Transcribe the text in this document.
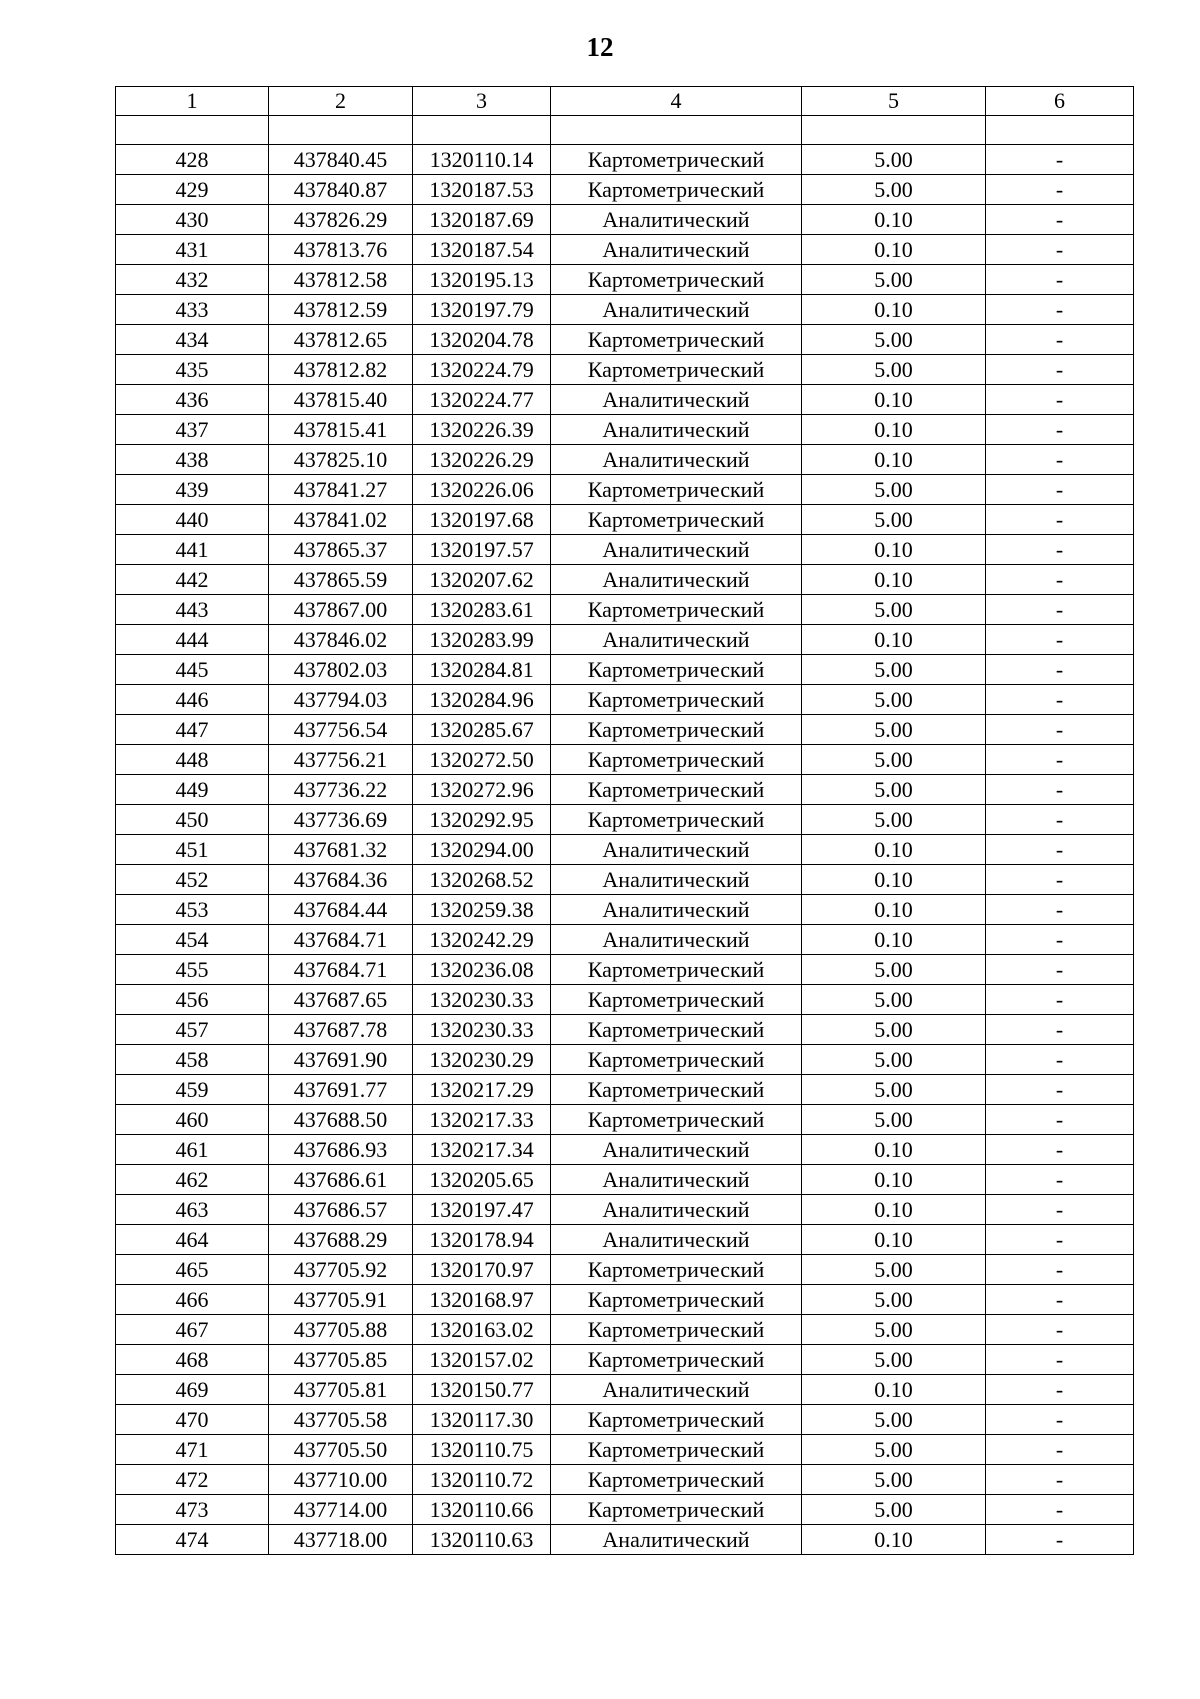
12
1	2	3	4	5	6

428	437840.45	1320110.14	Картометрический	5.00	-
429	437840.87	1320187.53	Картометрический	5.00	-
430	437826.29	1320187.69	Аналитический	0.10	-
431	437813.76	1320187.54	Аналитический	0.10	-
432	437812.58	1320195.13	Картометрический	5.00	-
433	437812.59	1320197.79	Аналитический	0.10	-
434	437812.65	1320204.78	Картометрический	5.00	-
435	437812.82	1320224.79	Картометрический	5.00	-
436	437815.40	1320224.77	Аналитический	0.10	-
437	437815.41	1320226.39	Аналитический	0.10	-
438	437825.10	1320226.29	Аналитический	0.10	-
439	437841.27	1320226.06	Картометрический	5.00	-
440	437841.02	1320197.68	Картометрический	5.00	-
441	437865.37	1320197.57	Аналитический	0.10	-
442	437865.59	1320207.62	Аналитический	0.10	-
443	437867.00	1320283.61	Картометрический	5.00	-
444	437846.02	1320283.99	Аналитический	0.10	-
445	437802.03	1320284.81	Картометрический	5.00	-
446	437794.03	1320284.96	Картометрический	5.00	-
447	437756.54	1320285.67	Картометрический	5.00	-
448	437756.21	1320272.50	Картометрический	5.00	-
449	437736.22	1320272.96	Картометрический	5.00	-
450	437736.69	1320292.95	Картометрический	5.00	-
451	437681.32	1320294.00	Аналитический	0.10	-
452	437684.36	1320268.52	Аналитический	0.10	-
453	437684.44	1320259.38	Аналитический	0.10	-
454	437684.71	1320242.29	Аналитический	0.10	-
455	437684.71	1320236.08	Картометрический	5.00	-
456	437687.65	1320230.33	Картометрический	5.00	-
457	437687.78	1320230.33	Картометрический	5.00	-
458	437691.90	1320230.29	Картометрический	5.00	-
459	437691.77	1320217.29	Картометрический	5.00	-
460	437688.50	1320217.33	Картометрический	5.00	-
461	437686.93	1320217.34	Аналитический	0.10	-
462	437686.61	1320205.65	Аналитический	0.10	-
463	437686.57	1320197.47	Аналитический	0.10	-
464	437688.29	1320178.94	Аналитический	0.10	-
465	437705.92	1320170.97	Картометрический	5.00	-
466	437705.91	1320168.97	Картометрический	5.00	-
467	437705.88	1320163.02	Картометрический	5.00	-
468	437705.85	1320157.02	Картометрический	5.00	-
469	437705.81	1320150.77	Аналитический	0.10	-
470	437705.58	1320117.30	Картометрический	5.00	-
471	437705.50	1320110.75	Картометрический	5.00	-
472	437710.00	1320110.72	Картометрический	5.00	-
473	437714.00	1320110.66	Картометрический	5.00	-
474	437718.00	1320110.63	Аналитический	0.10	-
